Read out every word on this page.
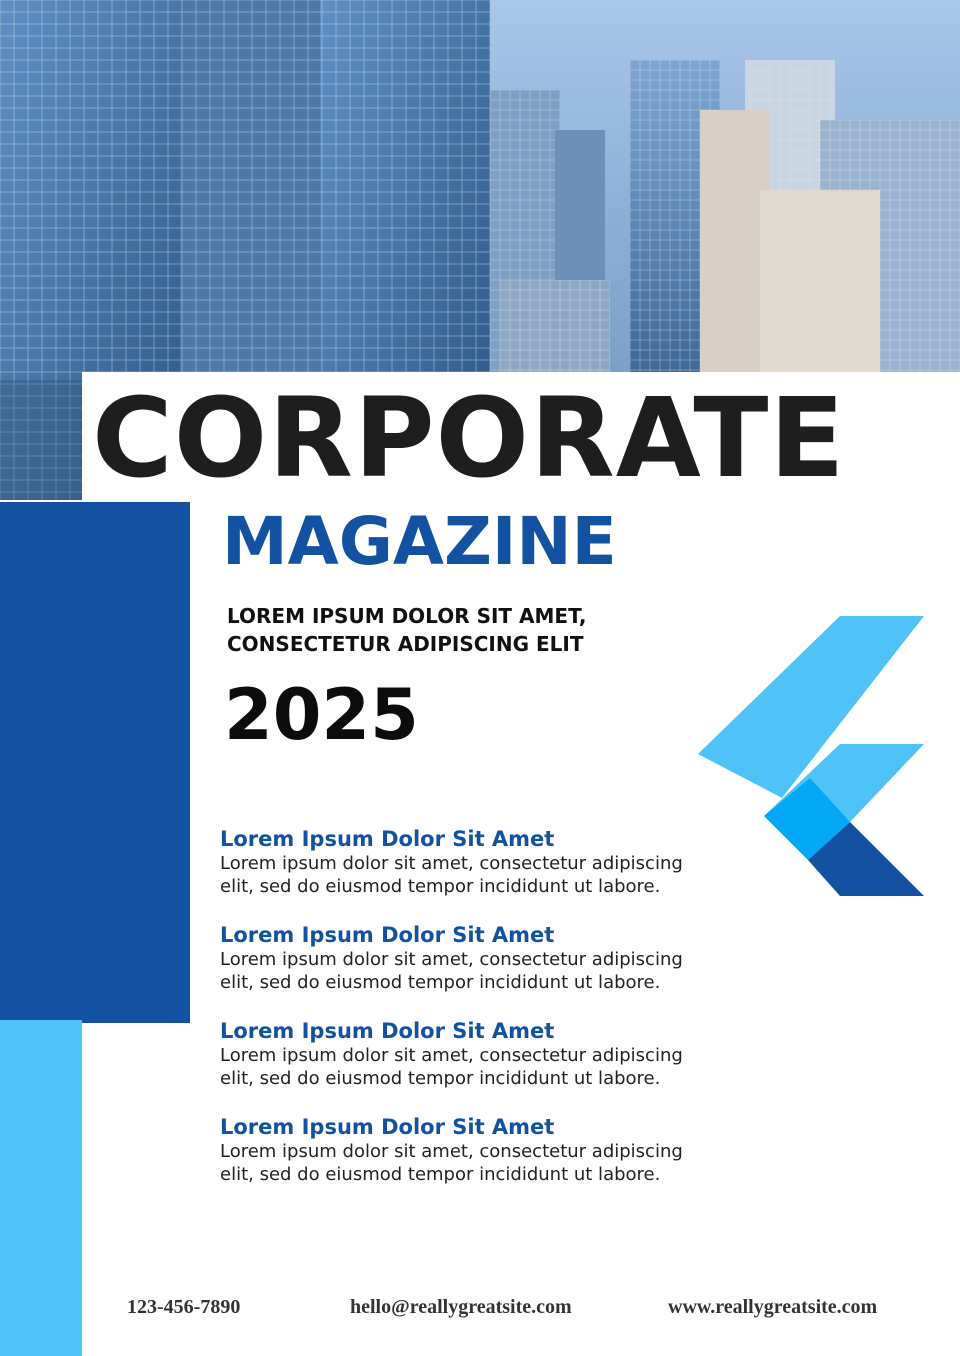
CORPORATE
MAGAZINE
LOREM IPSUM DOLOR SIT AMET,
CONSECTETUR ADIPISCING ELIT
2025
Lorem Ipsum Dolor Sit Amet
Lorem ipsum dolor sit amet, consectetur adipiscing
elit, sed do eiusmod tempor incididunt ut labore.
Lorem Ipsum Dolor Sit Amet
Lorem ipsum dolor sit amet, consectetur adipiscing
elit, sed do eiusmod tempor incididunt ut labore.
Lorem Ipsum Dolor Sit Amet
Lorem ipsum dolor sit amet, consectetur adipiscing
elit, sed do eiusmod tempor incididunt ut labore.
Lorem Ipsum Dolor Sit Amet
Lorem ipsum dolor sit amet, consectetur adipiscing
elit, sed do eiusmod tempor incididunt ut labore.
123-456-7890	hello@reallygreatsite.com	www.reallygreatsite.com
